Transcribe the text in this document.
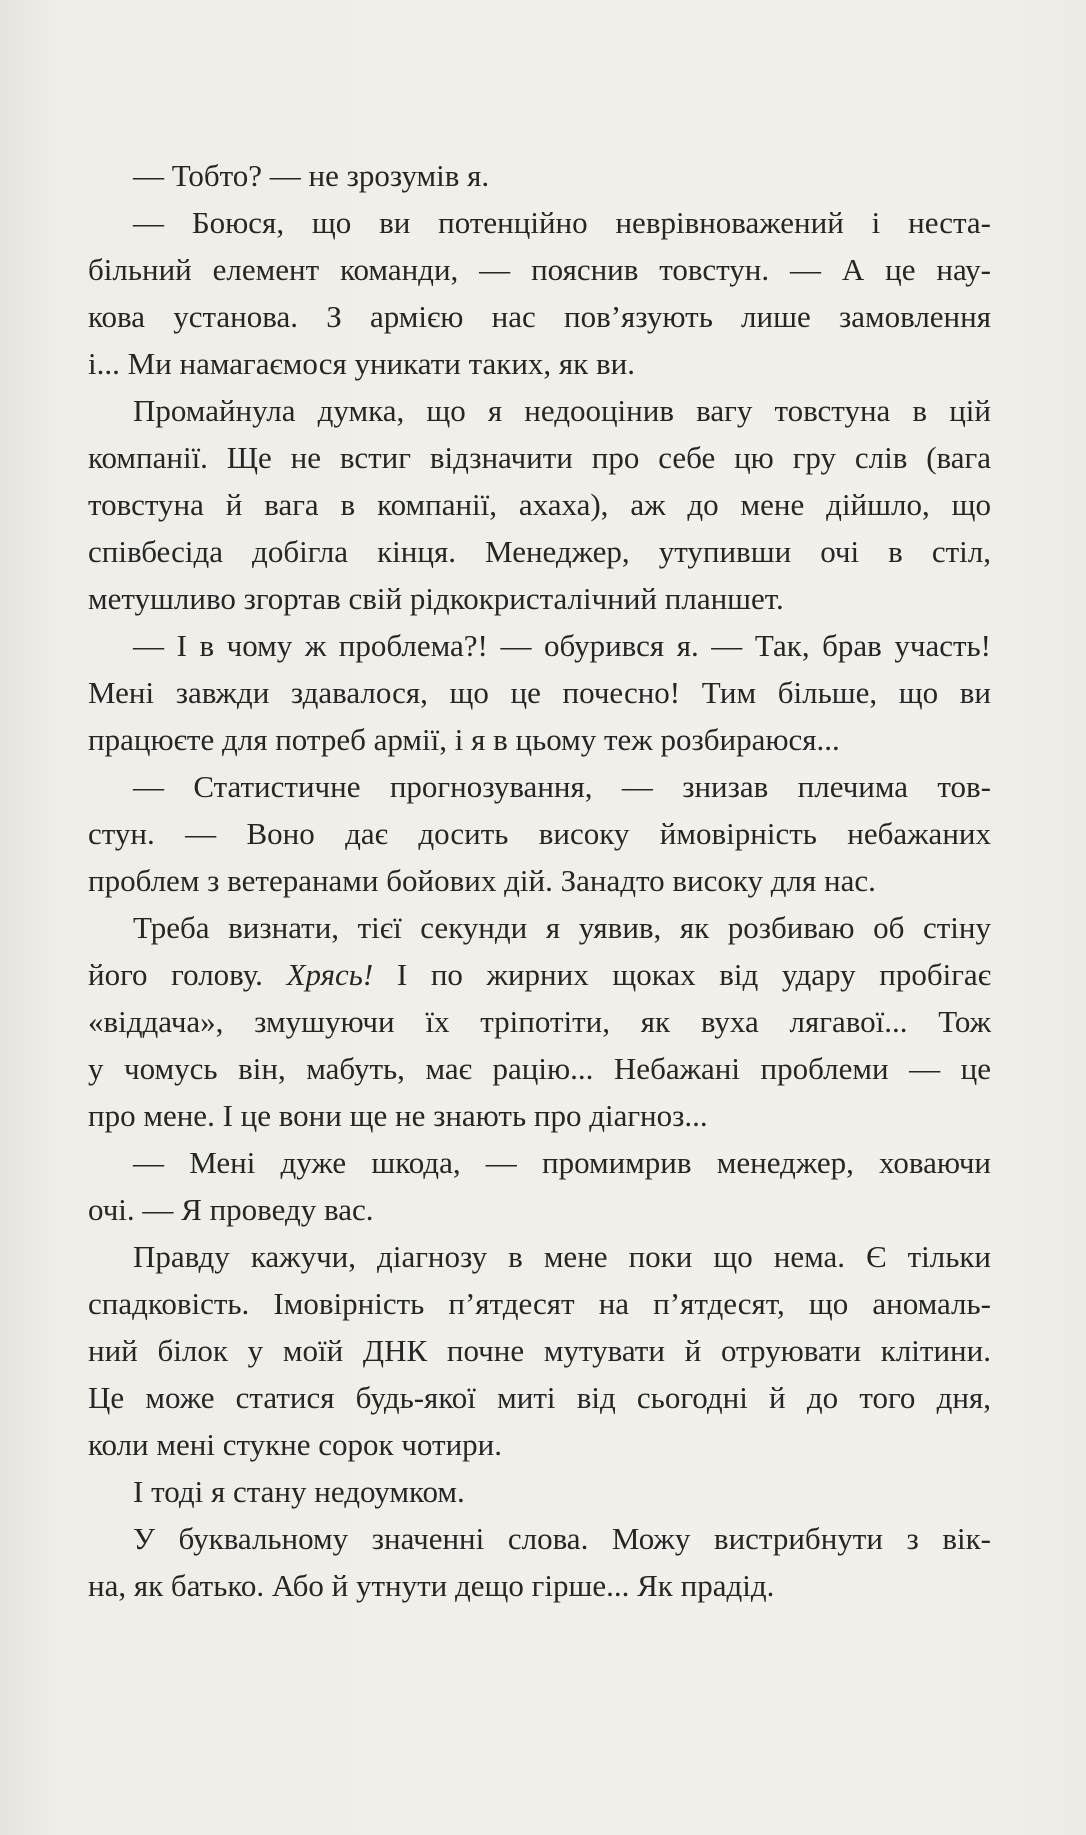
— Тобто? — не зрозумів я.
— Боюся, що ви потенційно неврівноважений і неста-
більний елемент команди, — пояснив товстун. — А це нау-
кова установа. З армією нас пов’язують лише замовлення
і... Ми намагаємося уникати таких, як ви.
Промайнула думка, що я недооцінив вагу товстуна в цій
компанії. Ще не встиг відзначити про себе цю гру слів (вага
товстуна й вага в компанії, ахаха), аж до мене дійшло, що
співбесіда добігла кінця. Менеджер, утупивши очі в стіл,
метушливо згортав свій рідкокристалічний планшет.
— І в чому ж проблема?! — обурився я. — Так, брав участь!
Мені завжди здавалося, що це почесно! Тим більше, що ви
працюєте для потреб армії, і я в цьому теж розбираюся...
— Статистичне прогнозування, — знизав плечима тов-
стун. — Воно дає досить високу ймовірність небажаних
проблем з ветеранами бойових дій. Занадто високу для нас.
Треба визнати, тієї секунди я уявив, як розбиваю об стіну
його голову. Хрясь! І по жирних щоках від удару пробігає
«віддача», змушуючи їх тріпотіти, як вуха лягавої... Тож
у чомусь він, мабуть, має рацію... Небажані проблеми — це
про мене. І це вони ще не знають про діагноз...
— Мені дуже шкода, — промимрив менеджер, ховаючи
очі. — Я проведу вас.
Правду кажучи, діагнозу в мене поки що нема. Є тільки
спадковість. Імовірність п’ятдесят на п’ятдесят, що аномаль-
ний білок у моїй ДНК почне мутувати й отруювати клітини.
Це може статися будь-якої миті від сьогодні й до того дня,
коли мені стукне сорок чотири.
І тоді я стану недоумком.
У буквальному значенні слова. Можу вистрибнути з вік-
на, як батько. Або й утнути дещо гірше... Як прадід.
